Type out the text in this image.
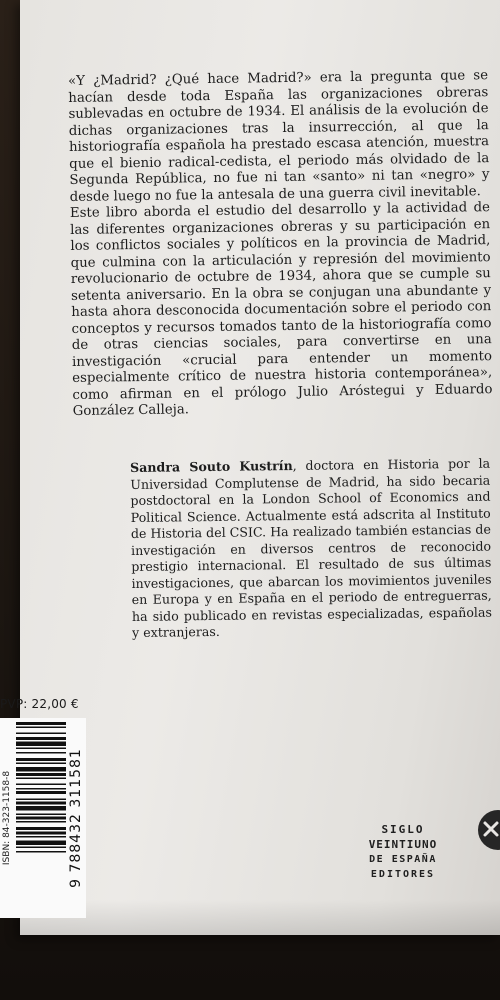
«Y ¿Madrid? ¿Qué hace Madrid?» era la pregunta que se hacían desde toda España las organizaciones obreras sublevadas en octubre de 1934. El análisis de la evolución de dichas organizaciones tras la insurrección, al que la historiografía española ha prestado escasa atención, muestra que el bienio radical-cedista, el periodo más olvidado de la Segunda República, no fue ni tan «santo» ni tan «negro» y desde luego no fue la antesala de una guerra civil inevitable.

Este libro aborda el estudio del desarrollo y la actividad de las diferentes organizaciones obreras y su participación en los conflictos sociales y políticos en la provincia de Madrid, que culmina con la articulación y represión del movimiento revolucionario de octubre de 1934, ahora que se cumple su setenta aniversario. En la obra se conjugan una abundante y hasta ahora desconocida documentación sobre el periodo con conceptos y recursos tomados tanto de la historiografía como de otras ciencias sociales, para convertirse en una investigación «crucial para entender un momento especialmente crítico de nuestra historia contemporánea», como afirman en el prólogo Julio Aróstegui y Eduardo González Calleja.

Sandra Souto Kustrín, doctora en Historia por la Universidad Complutense de Madrid, ha sido becaria postdoctoral en la London School of Economics and Political Science. Actualmente está adscrita al Instituto de Historia del CSIC. Ha realizado también estancias de investigación en diversos centros de reconocido prestigio internacional. El resultado de sus últimas investigaciones, que abarcan los movimientos juveniles en Europa y en España en el periodo de entreguerras, ha sido publicado en revistas especializadas, españolas y extranjeras.

PVP: 22,00 €
ISBN: 84-323-1158-8	9 788432 311581	SIGLO
VEINTIUNO
DE ESPAÑA
EDITORES
